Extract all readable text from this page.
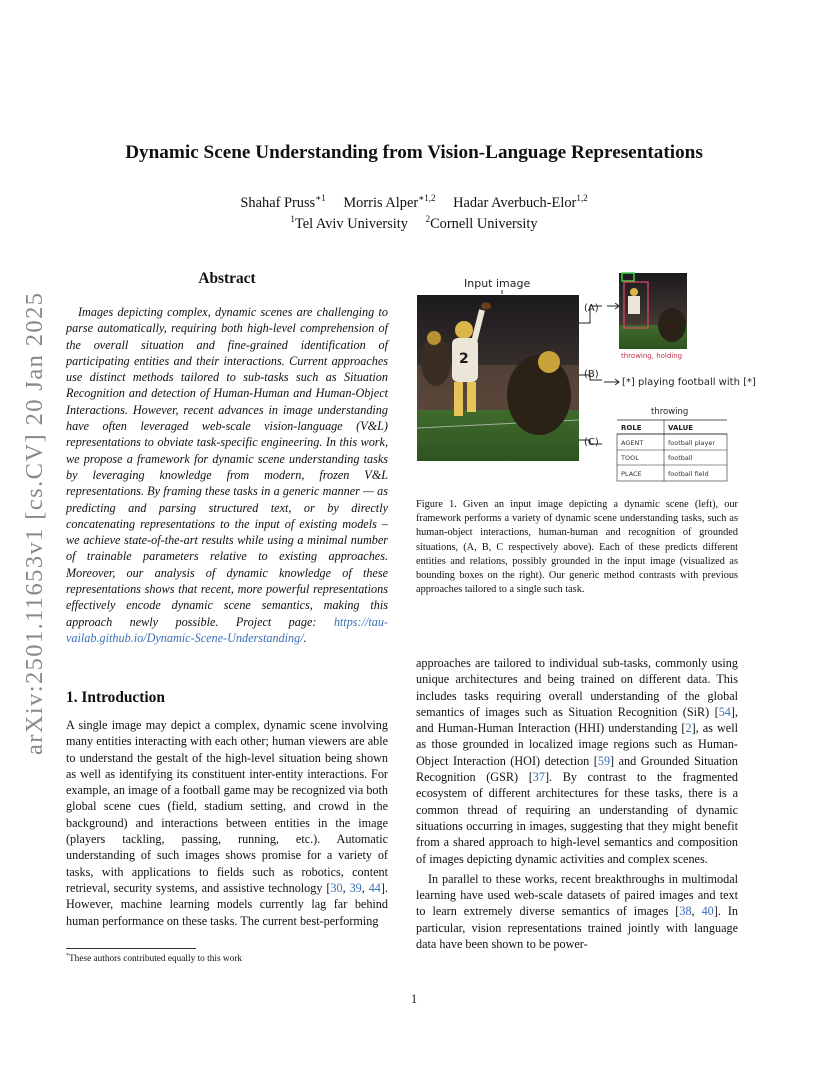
arXiv:2501.11653v1 [cs.CV] 20 Jan 2025
Dynamic Scene Understanding from Vision-Language Representations
Shahaf Pruss$^{∗1}$ Morris Alper$^{∗1,2}$ Hadar Averbuch-Elor$^{1,2}$
$^1$Tel Aviv University $^2$Cornell University
Abstract
Images depicting complex, dynamic scenes are challenging to parse automatically, requiring both high-level comprehension of the overall situation and fine-grained identification of participating entities and their interactions. Current approaches use distinct methods tailored to sub-tasks such as Situation Recognition and detection of Human-Human and Human-Object Interactions. However, recent advances in image understanding have often leveraged web-scale vision-language (V&L) representations to obviate task-specific engineering. In this work, we propose a framework for dynamic scene understanding tasks by leveraging knowledge from modern, frozen V&L representations. By framing these tasks in a generic manner — as predicting and parsing structured text, or by directly concatenating representations to the input of existing models – we achieve state-of-the-art results while using a minimal number of trainable parameters relative to existing approaches. Moreover, our analysis of dynamic knowledge of these representations shows that recent, more powerful representations effectively encode dynamic scene semantics, making this approach newly possible. Project page: https://tau-vailab.github.io/Dynamic-Scene-Understanding/.
1. Introduction
A single image may depict a complex, dynamic scene involving many entities interacting with each other; human viewers are able to understand the gestalt of the high-level situation being shown as well as identifying its constituent inter-entity interactions. For example, an image of a football game may be recognized via both global scene cues (field, stadium setting, and crowd in the background) and interactions between entities in the image (players tackling, passing, running, etc.). Automatic understanding of such images shows promise for a variety of tasks, with applications to fields such as robotics, content retrieval, security systems, and assistive technology [30, 39, 44]. However, machine learning models currently lag far behind human performance on these tasks. The current best-performing
*These authors contributed equally to this work
Input image
2
(A)
(B)
(C)
throwing, holding
[*] playing football with [*]
throwing
ROLE	VALUE
AGENT	football player
TOOL	football
PLACE	football field
Figure 1. Given an input image depicting a dynamic scene (left), our framework performs a variety of dynamic scene understanding tasks, such as human-object interactions, human-human and recognition of grounded situations, (A, B, C respectively above). Each of these predicts different entities and relations, possibly grounded in the input image (visualized as bounding boxes on the right). Our generic method contrasts with previous approaches tailored to a single such task.

approaches are tailored to individual sub-tasks, commonly using unique architectures and being trained on different data. This includes tasks requiring overall understanding of the global semantics of images such as Situation Recognition (SiR) [54], and Human-Human Interaction (HHI) understanding [2], as well as those grounded in localized image regions such as Human-Object Interaction (HOI) detection [59] and Grounded Situation Recognition (GSR) [37]. By contrast to the fragmented ecosystem of different architectures for these tasks, there is a common thread of requiring an understanding of dynamic situations occurring in images, suggesting that they might benefit from a shared approach to high-level semantics and composition of images depicting dynamic activities and complex scenes.

In parallel to these works, recent breakthroughs in multimodal learning have used web-scale datasets of paired images and text to learn extremely diverse semantics of images [38, 40]. In particular, vision representations trained jointly with language data have been shown to be power-

1
